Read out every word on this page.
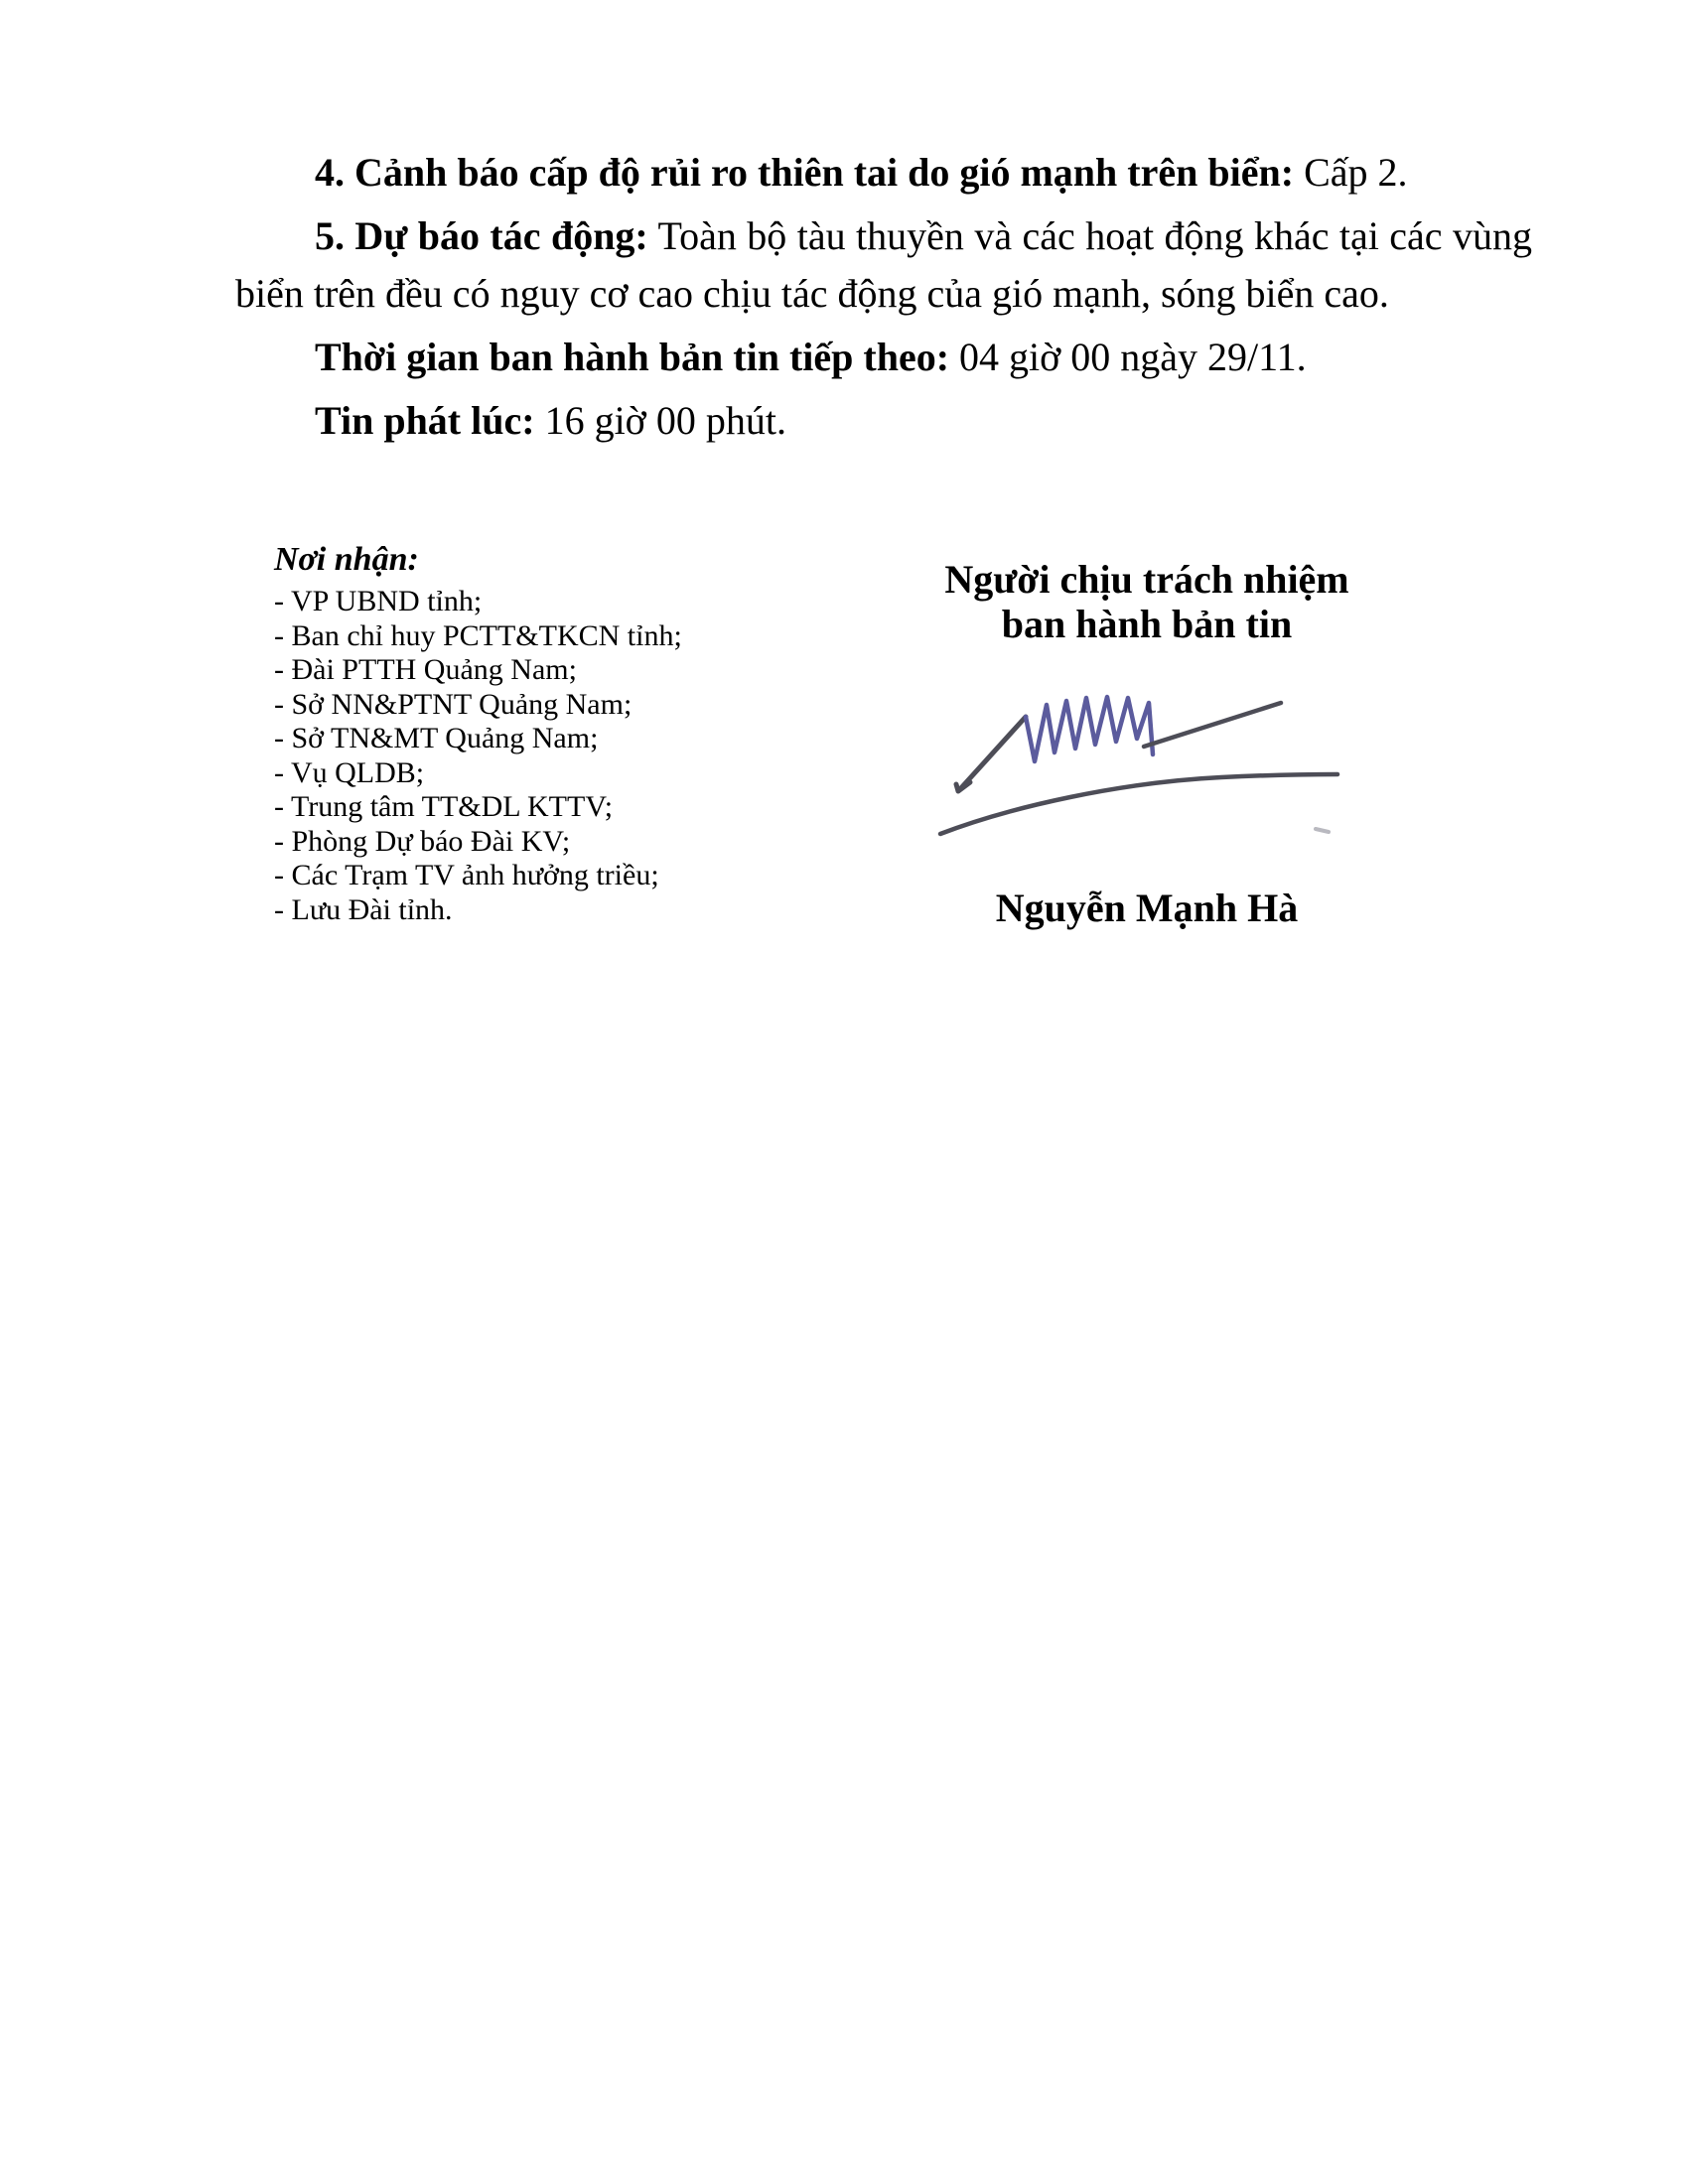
4. Cảnh báo cấp độ rủi ro thiên tai do gió mạnh trên biển: Cấp 2.

5. Dự báo tác động: Toàn bộ tàu thuyền và các hoạt động khác tại các vùng biển trên đều có nguy cơ cao chịu tác động của gió mạnh, sóng biển cao.

Thời gian ban hành bản tin tiếp theo: 04 giờ 00 ngày 29/11.

Tin phát lúc: 16 giờ 00 phút.

Nơi nhận:
- VP UBND tỉnh;
- Ban chỉ huy PCTT&TKCN tỉnh;
- Đài PTTH Quảng Nam;
- Sở NN&PTNT Quảng Nam;
- Sở TN&MT Quảng Nam;
- Vụ QLDB;
- Trung tâm TT&DL KTTV;
- Phòng Dự báo Đài KV;
- Các Trạm TV ảnh hưởng triều;
- Lưu Đài tỉnh.
Người chịu trách nhiệm
ban hành bản tin
Nguyễn Mạnh Hà
